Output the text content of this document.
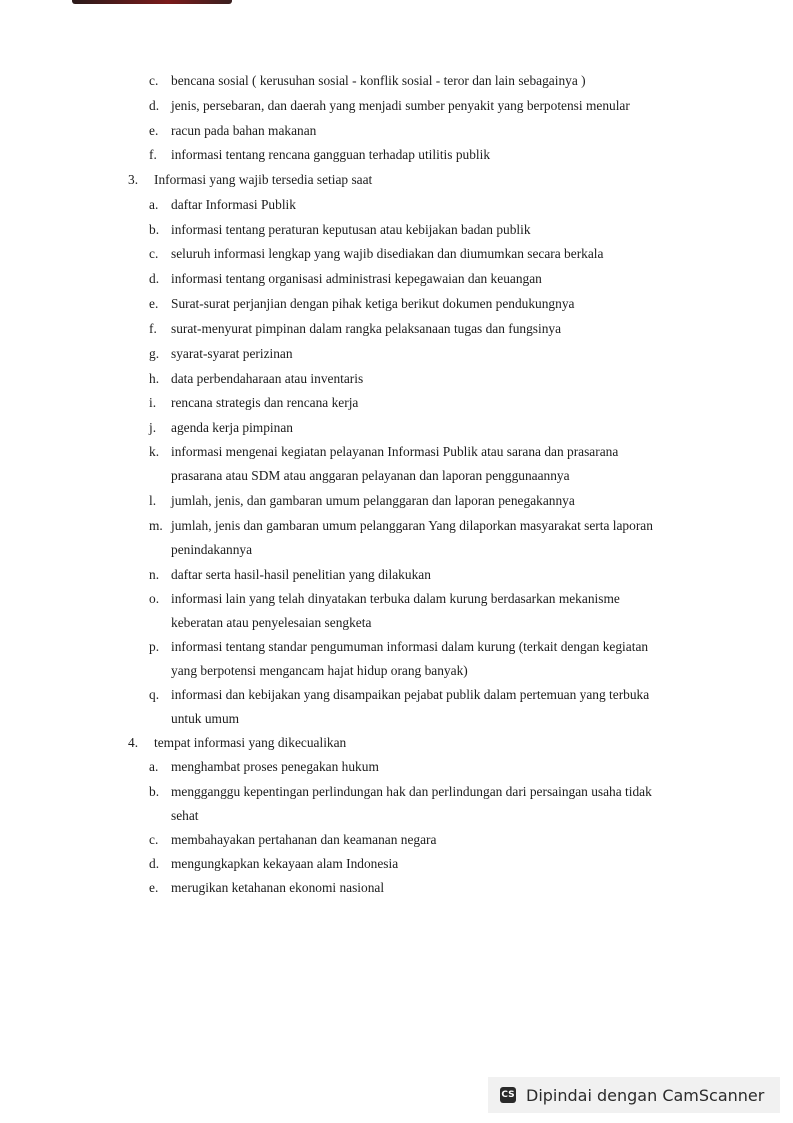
c. bencana sosial ( kerusuhan sosial - konflik sosial - teror dan lain sebagainya )
d. jenis, persebaran, dan daerah yang menjadi sumber penyakit yang berpotensi menular
e. racun pada bahan makanan
f. informasi tentang rencana gangguan terhadap utilitis publik
3. Informasi yang wajib tersedia setiap saat
a. daftar Informasi Publik
b. informasi tentang peraturan keputusan atau kebijakan badan publik
c. seluruh informasi lengkap yang wajib disediakan dan diumumkan secara berkala
d. informasi tentang organisasi administrasi kepegawaian dan keuangan
e. Surat-surat perjanjian dengan pihak ketiga berikut dokumen pendukungnya
f. surat-menyurat pimpinan dalam rangka pelaksanaan tugas dan fungsinya
g. syarat-syarat perizinan
h. data perbendaharaan atau inventaris
i. rencana strategis dan rencana kerja
j. agenda kerja pimpinan
k. informasi mengenai kegiatan pelayanan Informasi Publik atau sarana dan prasarana
prasarana atau SDM atau anggaran pelayanan dan laporan penggunaannya
l. jumlah, jenis, dan gambaran umum pelanggaran dan laporan penegakannya
m. jumlah, jenis dan gambaran umum pelanggaran Yang dilaporkan masyarakat serta laporan
penindakannya
n. daftar serta hasil-hasil penelitian yang dilakukan
o. informasi lain yang telah dinyatakan terbuka dalam kurung berdasarkan mekanisme
keberatan atau penyelesaian sengketa
p. informasi tentang standar pengumuman informasi dalam kurung (terkait dengan kegiatan
yang berpotensi mengancam hajat hidup orang banyak)
q. informasi dan kebijakan yang disampaikan pejabat publik dalam pertemuan yang terbuka
untuk umum
4. tempat informasi yang dikecualikan
a. menghambat proses penegakan hukum
b. mengganggu kepentingan perlindungan hak dan perlindungan dari persaingan usaha tidak
sehat
c. membahayakan pertahanan dan keamanan negara
d. mengungkapkan kekayaan alam Indonesia
e. merugikan ketahanan ekonomi nasional
CS Dipindai dengan CamScanner
